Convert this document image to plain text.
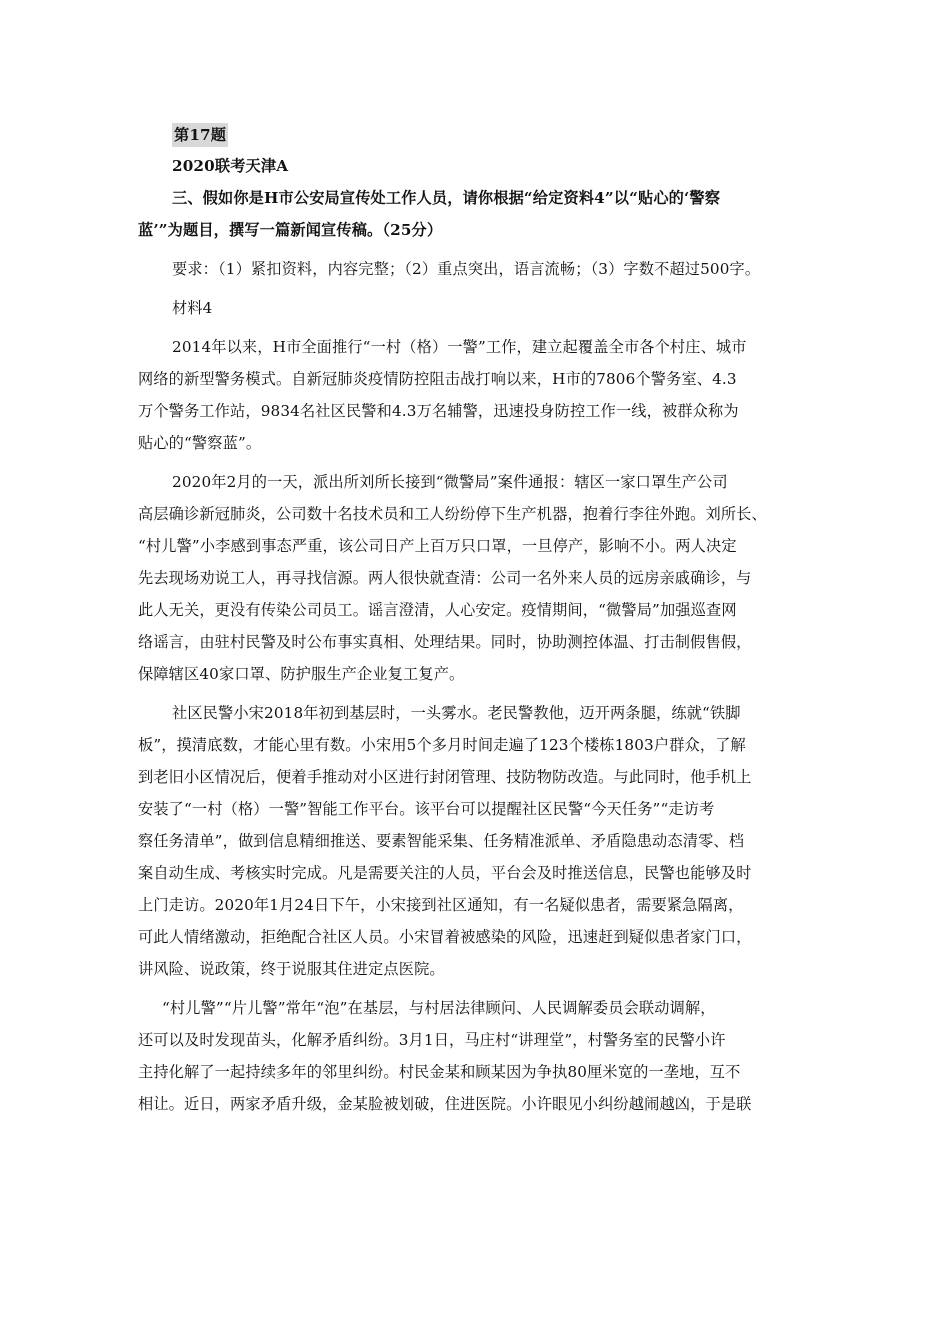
第17题

2020联考天津A

三、假如你是H市公安局宣传处工作人员，请你根据“给定资料4”以“贴心的‘警察

蓝’”为题目，撰写一篇新闻宣传稿。（25分）

要求：（1）紧扣资料，内容完整；（2）重点突出，语言流畅；（3）字数不超过500字。

材料4

2014年以来，H市全面推行“一村（格）一警”工作，建立起覆盖全市各个村庄、城市

网络的新型警务模式。自新冠肺炎疫情防控阻击战打响以来，H市的7806个警务室、4.3

万个警务工作站，9834名社区民警和4.3万名辅警，迅速投身防控工作一线，被群众称为

贴心的“警察蓝”。

2020年2月的一天，派出所刘所长接到“微警局”案件通报：辖区一家口罩生产公司

高层确诊新冠肺炎，公司数十名技术员和工人纷纷停下生产机器，抱着行李往外跑。刘所长、

“村儿警”小李感到事态严重，该公司日产上百万只口罩，一旦停产，影响不小。两人决定

先去现场劝说工人，再寻找信源。两人很快就查清：公司一名外来人员的远房亲戚确诊，与

此人无关，更没有传染公司员工。谣言澄清，人心安定。疫情期间，“微警局”加强巡查网

络谣言，由驻村民警及时公布事实真相、处理结果。同时，协助测控体温、打击制假售假，

保障辖区40家口罩、防护服生产企业复工复产。

社区民警小宋2018年初到基层时，一头雾水。老民警教他，迈开两条腿，练就“铁脚

板”，摸清底数，才能心里有数。小宋用5个多月时间走遍了123个楼栋1803户群众，了解

到老旧小区情况后，便着手推动对小区进行封闭管理、技防物防改造。与此同时，他手机上

安装了“一村（格）一警”智能工作平台。该平台可以提醒社区民警“今天任务”“走访考

察任务清单”，做到信息精细推送、要素智能采集、任务精准派单、矛盾隐患动态清零、档

案自动生成、考核实时完成。凡是需要关注的人员，平台会及时推送信息，民警也能够及时

上门走访。2020年1月24日下午，小宋接到社区通知，有一名疑似患者，需要紧急隔离，

可此人情绪激动，拒绝配合社区人员。小宋冒着被感染的风险，迅速赶到疑似患者家门口，

讲风险、说政策，终于说服其住进定点医院。

“村儿警”“片儿警”常年“泡”在基层，与村居法律顾问、人民调解委员会联动调解，

还可以及时发现苗头，化解矛盾纠纷。3月1日，马庄村“讲理堂”，村警务室的民警小许

主持化解了一起持续多年的邻里纠纷。村民金某和顾某因为争执80厘米宽的一垄地，互不

相让。近日，两家矛盾升级，金某脸被划破，住进医院。小许眼见小纠纷越闹越凶，于是联
